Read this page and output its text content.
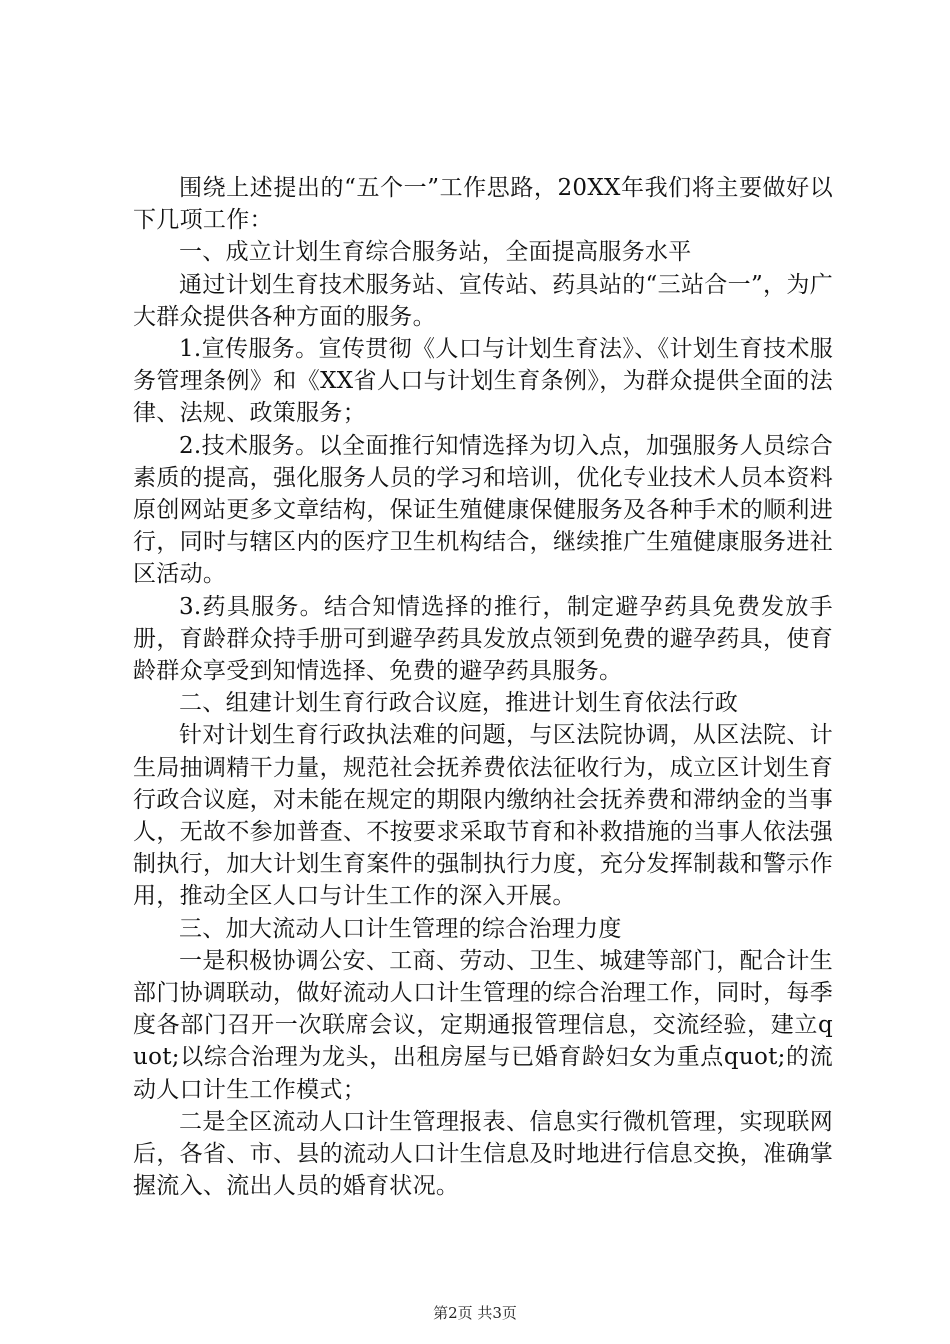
围绕上述提出的“五个一”工作思路，20XX年我们将主要做好以下几项工作：

一、成立计划生育综合服务站，全面提高服务水平

通过计划生育技术服务站、宣传站、药具站的“三站合一”，为广大群众提供各种方面的服务。

1.宣传服务。宣传贯彻《人口与计划生育法》、《计划生育技术服务管理条例》和《XX省人口与计划生育条例》，为群众提供全面的法律、法规、政策服务；

2.技术服务。以全面推行知情选择为切入点，加强服务人员综合素质的提高，强化服务人员的学习和培训，优化专业技术人员本资料原创网站更多文章结构，保证生殖健康保健服务及各种手术的顺利进行，同时与辖区内的医疗卫生机构结合，继续推广生殖健康服务进社区活动。

3.药具服务。结合知情选择的推行，制定避孕药具免费发放手册，育龄群众持手册可到避孕药具发放点领到免费的避孕药具，使育龄群众享受到知情选择、免费的避孕药具服务。

二、组建计划生育行政合议庭，推进计划生育依法行政

针对计划生育行政执法难的问题，与区法院协调，从区法院、计生局抽调精干力量，规范社会抚养费依法征收行为，成立区计划生育行政合议庭，对未能在规定的期限内缴纳社会抚养费和滞纳金的当事人，无故不参加普查、不按要求采取节育和补救措施的当事人依法强制执行，加大计划生育案件的强制执行力度，充分发挥制裁和警示作用，推动全区人口与计生工作的深入开展。

三、加大流动人口计生管理的综合治理力度

一是积极协调公安、工商、劳动、卫生、城建等部门，配合计生部门协调联动，做好流动人口计生管理的综合治理工作，同时，每季度各部门召开一次联席会议，定期通报管理信息，交流经验，建立quot;以综合治理为龙头，出租房屋与已婚育龄妇女为重点quot;的流动人口计生工作模式；

二是全区流动人口计生管理报表、信息实行微机管理，实现联网后，各省、市、县的流动人口计生信息及时地进行信息交换，准确掌握流入、流出人员的婚育状况。

第2页 共3页
